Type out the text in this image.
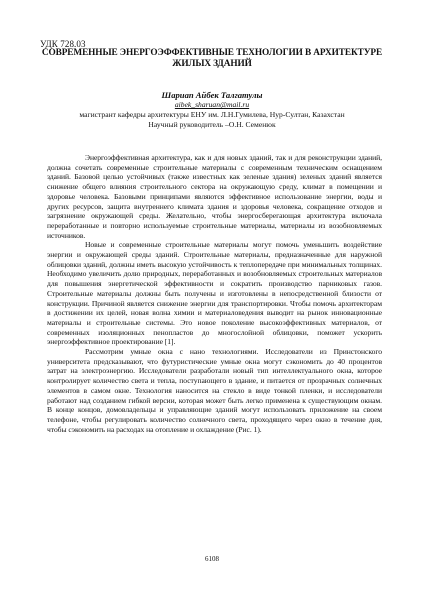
УДК 728.03
СОВРЕМЕННЫЕ ЭНЕРГОЭФФЕКТИВНЫЕ ТЕХНОЛОГИИ В АРХИТЕКТУРЕ
ЖИЛЫХ ЗДАНИЙ
Шарuan Айбек Талгатулы
aibek_sharuan@mail.ru
магистрант кафедры архитектуры ЕНУ им. Л.Н.Гумилева, Нур-Султан, Казахстан
Научный руководитель –О.Н. Семенюк

Энергоэффективная архитектура, как и для новых зданий, так и для реконструкции зданий, должна сочетать современные строительные материалы с современным техническим оснащением зданий. Базовой целью устойчивых (также известных как зеленые здания) зеленых зданий является снижение общего влияния строительного сектора на окружающую среду, климат в помещении и здоровье человека. Базовыми принципами являются эффективное использование энергии, воды и других ресурсов, защита внутреннего климата здания и здоровья человека, сокращение отходов и загрязнение окружающей среды. Желательно, чтобы энергосберегающая архитектура включала переработанные и повторно используемые строительные материалы, материалы из возобновляемых источников.

Новые и современные строительные материалы могут помочь уменьшить воздействие энергии и окружающей среды зданий. Строительные материалы, предназначенные для наружной облицовки зданий, должны иметь высокую устойчивость к теплопередаче при минимальных толщинах. Необходимо увеличить долю природных, переработанных и возобновляемых строительных материалов для повышения энергетической эффективности и сократить производство парниковых газов. Строительные материалы должны быть получены и изготовлены в непосредственной близости от конструкции. Причиной является снижение энергии для транспортировки. Чтобы помочь архитекторам в достижении их целей, новая волна химии и материаловедения выводит на рынок инновационные материалы и строительные системы. Это новое поколение высокоэффективных материалов, от современных изоляционных пенопластов до многослойной облицовки, поможет ускорить энергоэффективное проектирование [1].

Рассмотрим умные окна с нано технологиями. Исследователи из Принстонского университета предсказывают, что футуристические умные окна могут сэкономить до 40 процентов затрат на электроэнергию. Исследователи разработали новый тип интеллектуального окна, которое контролирует количество света и тепла, поступающего в здание, и питается от прозрачных солнечных элементов в самом окне. Технология наносится на стекло в виде тонкой пленки, и исследователи работают над созданием гибкой версии, которая может быть легко применена к существующим окнам. В конце концов, домовладельцы и управляющие зданий могут использовать приложение на своем телефоне, чтобы регулировать количество солнечного света, проходящего через окно в течение дня, чтобы сэкономить на расходах на отопление и охлаждение (Рис. 1).

6108
